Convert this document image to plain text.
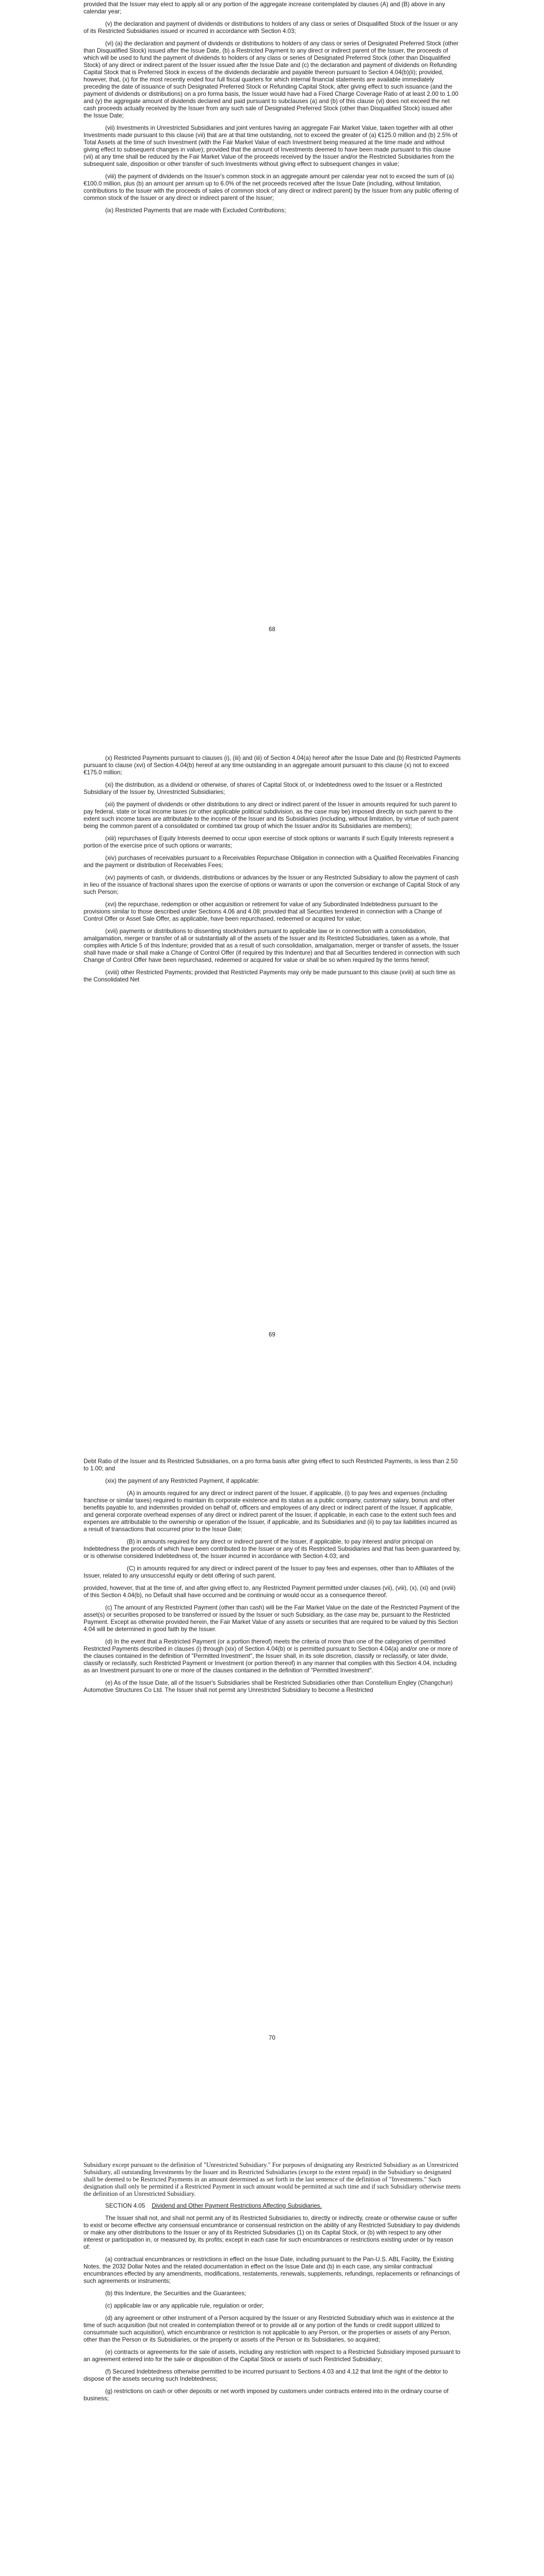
provided that the Issuer may elect to apply all or any portion of the aggregate increase contemplated by clauses (A) and (B) above in any calendar year;

(v) the declaration and payment of dividends or distributions to holders of any class or series of Disqualified Stock of the Issuer or any of its Restricted Subsidiaries issued or incurred in accordance with Section 4.03;

(vi) (a) the declaration and payment of dividends or distributions to holders of any class or series of Designated Preferred Stock (other than Disqualified Stock) issued after the Issue Date, (b) a Restricted Payment to any direct or indirect parent of the Issuer, the proceeds of which will be used to fund the payment of dividends to holders of any class or series of Designated Preferred Stock (other than Disqualified Stock) of any direct or indirect parent of the Issuer issued after the Issue Date and (c) the declaration and payment of dividends on Refunding Capital Stock that is Preferred Stock in excess of the dividends declarable and payable thereon pursuant to Section 4.04(b)(ii); provided, however, that, (x) for the most recently ended four full fiscal quarters for which internal financial statements are available immediately preceding the date of issuance of such Designated Preferred Stock or Refunding Capital Stock, after giving effect to such issuance (and the payment of dividends or distributions) on a pro forma basis, the Issuer would have had a Fixed Charge Coverage Ratio of at least 2.00 to 1.00 and (y) the aggregate amount of dividends declared and paid pursuant to subclauses (a) and (b) of this clause (vi) does not exceed the net cash proceeds actually received by the Issuer from any such sale of Designated Preferred Stock (other than Disqualified Stock) issued after the Issue Date;

(vii) Investments in Unrestricted Subsidiaries and joint ventures having an aggregate Fair Market Value, taken together with all other Investments made pursuant to this clause (vii) that are at that time outstanding, not to exceed the greater of (a) €125.0 million and (b) 2.5% of Total Assets at the time of such Investment (with the Fair Market Value of each Investment being measured at the time made and without giving effect to subsequent changes in value); provided that the amount of Investments deemed to have been made pursuant to this clause (vii) at any time shall be reduced by the Fair Market Value of the proceeds received by the Issuer and/or the Restricted Subsidiaries from the subsequent sale, disposition or other transfer of such Investments without giving effect to subsequent changes in value;

(viii) the payment of dividends on the Issuer's common stock in an aggregate amount per calendar year not to exceed the sum of (a) €100.0 million, plus (b) an amount per annum up to 6.0% of the net proceeds received after the Issue Date (including, without limitation, contributions to the Issuer with the proceeds of sales of common stock of any direct or indirect parent) by the Issuer from any public offering of common stock of the Issuer or any direct or indirect parent of the Issuer;

(ix) Restricted Payments that are made with Excluded Contributions;

68

(x) Restricted Payments pursuant to clauses (i), (iii) and (iii) of Section 4.04(a) hereof after the Issue Date and (b) Restricted Payments pursuant to clause (xvi) of Section 4.04(b) hereof at any time outstanding in an aggregate amount pursuant to this clause (x) not to exceed €175.0 million;

(xi) the distribution, as a dividend or otherwise, of shares of Capital Stock of, or Indebtedness owed to the Issuer or a Restricted Subsidiary of the Issuer by, Unrestricted Subsidiaries;

(xii) the payment of dividends or other distributions to any direct or indirect parent of the Issuer in amounts required for such parent to pay federal, state or local income taxes (or other applicable political subdivision, as the case may be) imposed directly on such parent to the extent such income taxes are attributable to the income of the Issuer and its Subsidiaries (including, without limitation, by virtue of such parent being the common parent of a consolidated or combined tax group of which the Issuer and/or its Subsidiaries are members);

(xiii) repurchases of Equity Interests deemed to occur upon exercise of stock options or warrants if such Equity Interests represent a portion of the exercise price of such options or warrants;

(xiv) purchases of receivables pursuant to a Receivables Repurchase Obligation in connection with a Qualified Receivables Financing and the payment or distribution of Receivables Fees;

(xv) payments of cash, or dividends, distributions or advances by the Issuer or any Restricted Subsidiary to allow the payment of cash in lieu of the issuance of fractional shares upon the exercise of options or warrants or upon the conversion or exchange of Capital Stock of any such Person;

(xvi) the repurchase, redemption or other acquisition or retirement for value of any Subordinated Indebtedness pursuant to the provisions similar to those described under Sections 4.06 and 4.08; provided that all Securities tendered in connection with a Change of Control Offer or Asset Sale Offer, as applicable, have been repurchased, redeemed or acquired for value;

(xvii) payments or distributions to dissenting stockholders pursuant to applicable law or in connection with a consolidation, amalgamation, merger or transfer of all or substantially all of the assets of the Issuer and its Restricted Subsidiaries, taken as a whole, that complies with Article 5 of this Indenture; provided that as a result of such consolidation, amalgamation, merger or transfer of assets, the Issuer shall have made or shall make a Change of Control Offer (if required by this Indenture) and that all Securities tendered in connection with such Change of Control Offer have been repurchased, redeemed or acquired for value or shall be so when required by the terms hereof;

(xviii) other Restricted Payments; provided that Restricted Payments may only be made pursuant to this clause (xviii) at such time as the Consolidated Net

69

Debt Ratio of the Issuer and its Restricted Subsidiaries, on a pro forma basis after giving effect to such Restricted Payments, is less than 2.50 to 1.00; and

(xix) the payment of any Restricted Payment, if applicable:

(A) in amounts required for any direct or indirect parent of the Issuer, if applicable, (i) to pay fees and expenses (including franchise or similar taxes) required to maintain its corporate existence and its status as a public company, customary salary, bonus and other benefits payable to, and indemnities provided on behalf of, officers and employees of any direct or indirect parent of the Issuer, if applicable, and general corporate overhead expenses of any direct or indirect parent of the Issuer, if applicable, in each case to the extent such fees and expenses are attributable to the ownership or operation of the Issuer, if applicable, and its Subsidiaries and (ii) to pay tax liabilities incurred as a result of transactions that occurred prior to the Issue Date;

(B) in amounts required for any direct or indirect parent of the Issuer, if applicable, to pay interest and/or principal on Indebtedness the proceeds of which have been contributed to the Issuer or any of its Restricted Subsidiaries and that has been guaranteed by, or is otherwise considered Indebtedness of, the Issuer incurred in accordance with Section 4.03; and

(C) in amounts required for any direct or indirect parent of the Issuer to pay fees and expenses, other than to Affiliates of the Issuer, related to any unsuccessful equity or debt offering of such parent.

provided, however, that at the time of, and after giving effect to, any Restricted Payment permitted under clauses (vii), (viii), (x), (xi) and (xviii) of this Section 4.04(b), no Default shall have occurred and be continuing or would occur as a consequence thereof.

(c) The amount of any Restricted Payment (other than cash) will be the Fair Market Value on the date of the Restricted Payment of the asset(s) or securities proposed to be transferred or issued by the Issuer or such Subsidiary, as the case may be, pursuant to the Restricted Payment. Except as otherwise provided herein, the Fair Market Value of any assets or securities that are required to be valued by this Section 4.04 will be determined in good faith by the Issuer.

(d) In the event that a Restricted Payment (or a portion thereof) meets the criteria of more than one of the categories of permitted Restricted Payments described in clauses (i) through (xix) of Section 4.04(b) or is permitted pursuant to Section 4.04(a) and/or one or more of the clauses contained in the definition of "Permitted Investment", the Issuer shall, in its sole discretion, classify or reclassify, or later divide, classify or reclassify, such Restricted Payment or Investment (or portion thereof) in any manner that complies with this Section 4.04, including as an Investment pursuant to one or more of the clauses contained in the definition of "Permitted Investment".

(e) As of the Issue Date, all of the Issuer's Subsidiaries shall be Restricted Subsidiaries other than Constellium Engley (Changchun) Automotive Structures Co Ltd. The Issuer shall not permit any Unrestricted Subsidiary to become a Restricted

70

Subsidiary except pursuant to the definition of "Unrestricted Subsidiary." For purposes of designating any Restricted Subsidiary as an Unrestricted Subsidiary, all outstanding Investments by the Issuer and its Restricted Subsidiaries (except to the extent repaid) in the Subsidiary so designated shall be deemed to be Restricted Payments in an amount determined as set forth in the last sentence of the definition of "Investments." Such designation shall only be permitted if a Restricted Payment in such amount would be permitted at such time and if such Subsidiary otherwise meets the definition of an Unrestricted Subsidiary.

SECTION 4.05 Dividend and Other Payment Restrictions Affecting Subsidiaries.

The Issuer shall not, and shall not permit any of its Restricted Subsidiaries to, directly or indirectly, create or otherwise cause or suffer to exist or become effective any consensual encumbrance or consensual restriction on the ability of any Restricted Subsidiary to pay dividends or make any other distributions to the Issuer or any of its Restricted Subsidiaries (1) on its Capital Stock, or (b) with respect to any other interest or participation in, or measured by, its profits; except in each case for such encumbrances or restrictions existing under or by reason of:

(a) contractual encumbrances or restrictions in effect on the Issue Date, including pursuant to the Pan-U.S. ABL Facility, the Existing Notes, the 2032 Dollar Notes and the related documentation in effect on the Issue Date and (b) in each case, any similar contractual encumbrances effected by any amendments, modifications, restatements, renewals, supplements, refundings, replacements or refinancings of such agreements or instruments;

(b) this Indenture, the Securities and the Guarantees;

(c) applicable law or any applicable rule, regulation or order;

(d) any agreement or other instrument of a Person acquired by the Issuer or any Restricted Subsidiary which was in existence at the time of such acquisition (but not created in contemplation thereof or to provide all or any portion of the funds or credit support utilized to consummate such acquisition), which encumbrance or restriction is not applicable to any Person, or the properties or assets of any Person, other than the Person or its Subsidiaries, or the property or assets of the Person or its Subsidiaries, so acquired;

(e) contracts or agreements for the sale of assets, including any restriction with respect to a Restricted Subsidiary imposed pursuant to an agreement entered into for the sale or disposition of the Capital Stock or assets of such Restricted Subsidiary;

(f) Secured Indebtedness otherwise permitted to be incurred pursuant to Sections 4.03 and 4.12 that limit the right of the debtor to dispose of the assets securing such Indebtedness;

(g) restrictions on cash or other deposits or net worth imposed by customers under contracts entered into in the ordinary course of business;
